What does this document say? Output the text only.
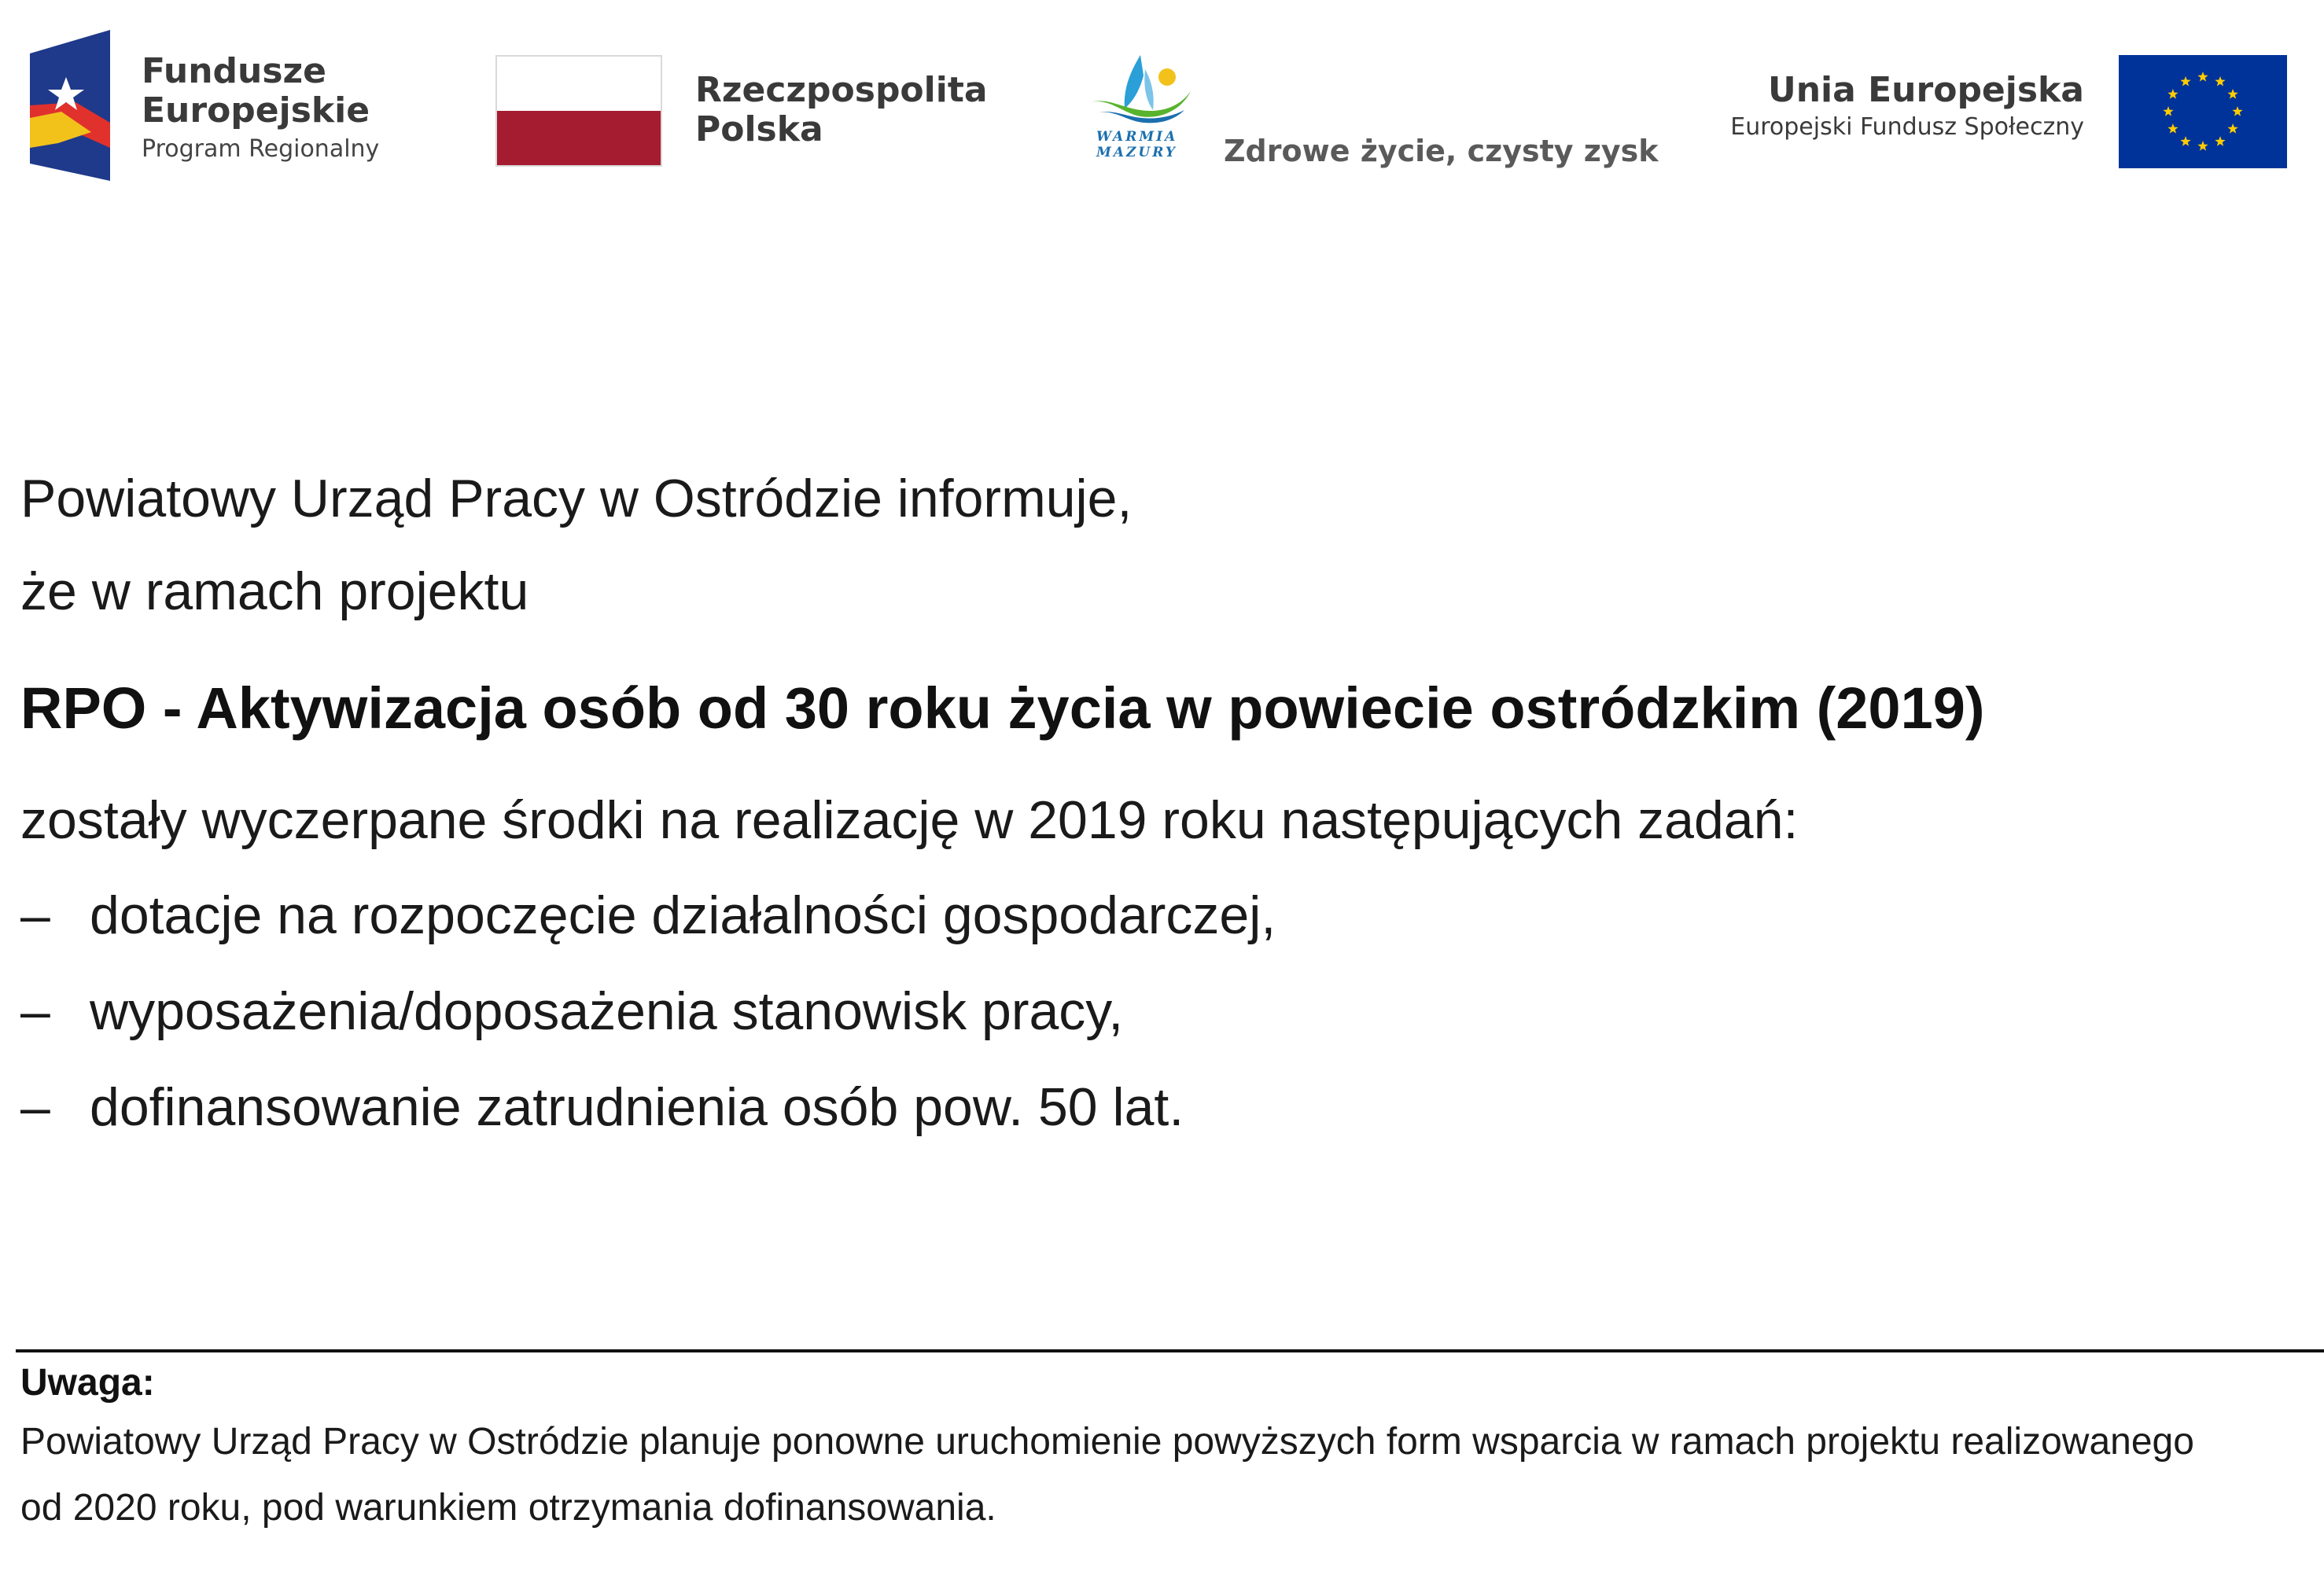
Fundusze
Europejskie
Program Regionalny
Rzeczpospolita
Polska	WARMIA
MAZURY Zdrowe życie, czysty zysk
Unia Europejska
Europejski Fundusz Społeczny
Powiatowy Urząd Pracy w Ostródzie informuje,
że w ramach projektu
RPO - Aktywizacja osób od 30 roku życia w powiecie ostródzkim (2019)
zostały wyczerpane środki na realizację w 2019 roku następujących zadań:
– dotacje na rozpoczęcie działalności gospodarczej,
– wyposażenia/doposażenia stanowisk pracy,
– dofinansowanie zatrudnienia osób pow. 50 lat.
Uwaga:
Powiatowy Urząd Pracy w Ostródzie planuje ponowne uruchomienie powyższych form wsparcia w ramach projektu realizowanego od 2020 roku, pod warunkiem otrzymania dofinansowania.
